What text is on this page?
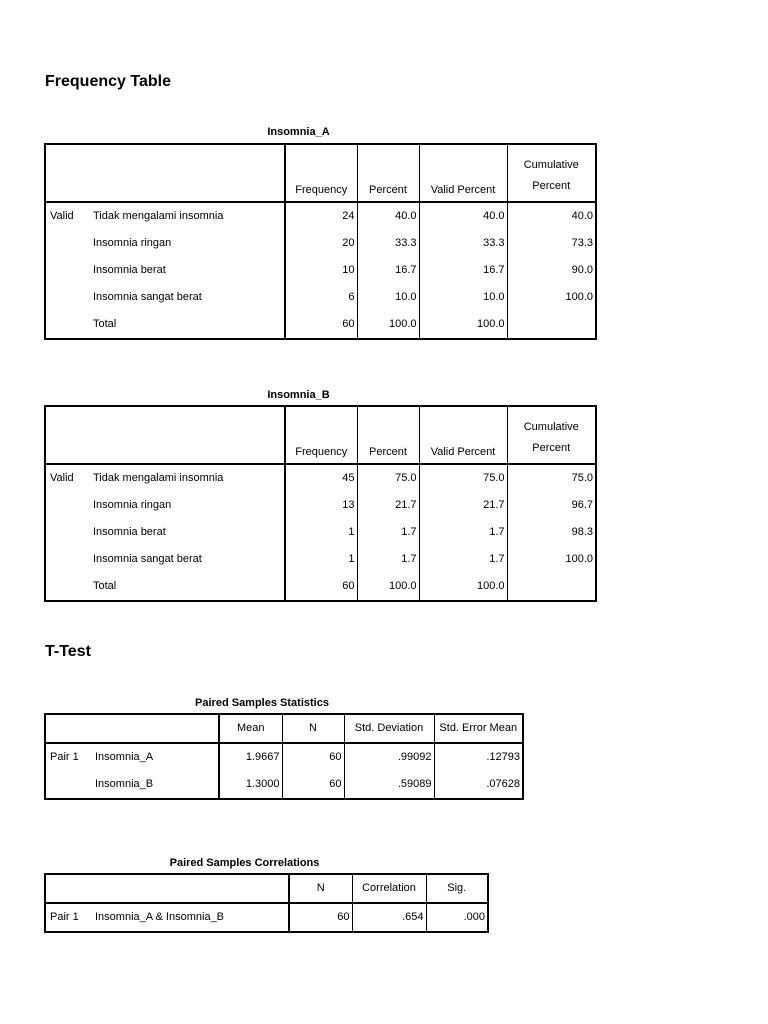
Frequency Table
Insomnia_A
		Frequency	Percent	Valid Percent	Cumulative
Percent
Valid	Tidak mengalami insomnia	24	40.0	40.0	40.0
	Insomnia ringan	20	33.3	33.3	73.3
	Insomnia berat	10	16.7	16.7	90.0
	Insomnia sangat berat	6	10.0	10.0	100.0
	Total	60	100.0	100.0	
Insomnia_B
		Frequency	Percent	Valid Percent	Cumulative
Percent
Valid	Tidak mengalami insomnia	45	75.0	75.0	75.0
	Insomnia ringan	13	21.7	21.7	96.7
	Insomnia berat	1	1.7	1.7	98.3
	Insomnia sangat berat	1	1.7	1.7	100.0
	Total	60	100.0	100.0	
T-Test
Paired Samples Statistics
		Mean	N	Std. Deviation	Std. Error Mean
Pair 1	Insomnia_A	1.9667	60	.99092	.12793
	Insomnia_B	1.3000	60	.59089	.07628
Paired Samples Correlations
		N	Correlation	Sig.
Pair 1	Insomnia_A & Insomnia_B	60	.654	.000
